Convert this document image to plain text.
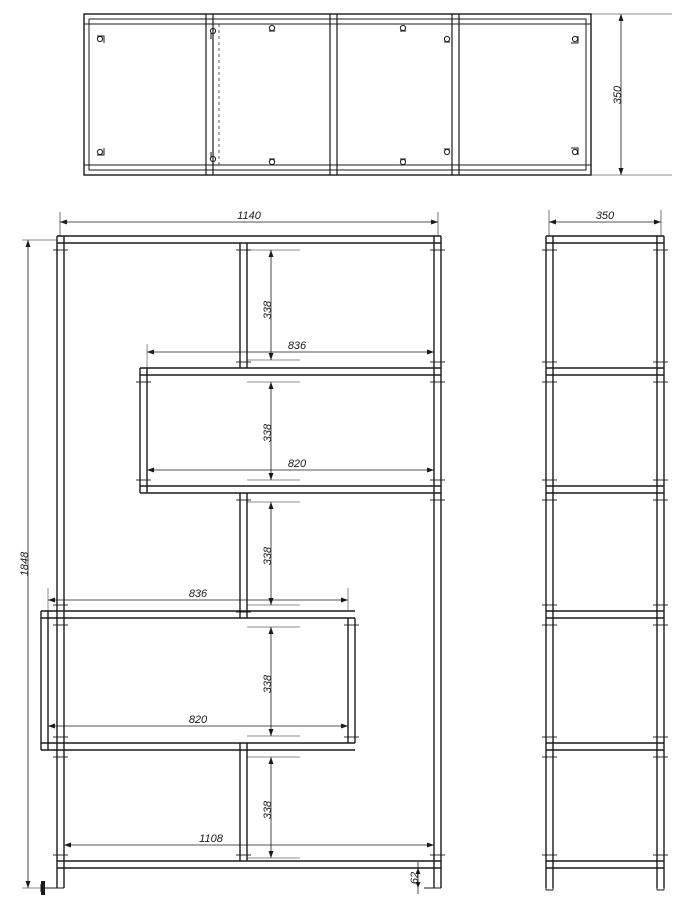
350
1140
1848
350
836
820
836
820
1108
338
338
338
338
338
62
